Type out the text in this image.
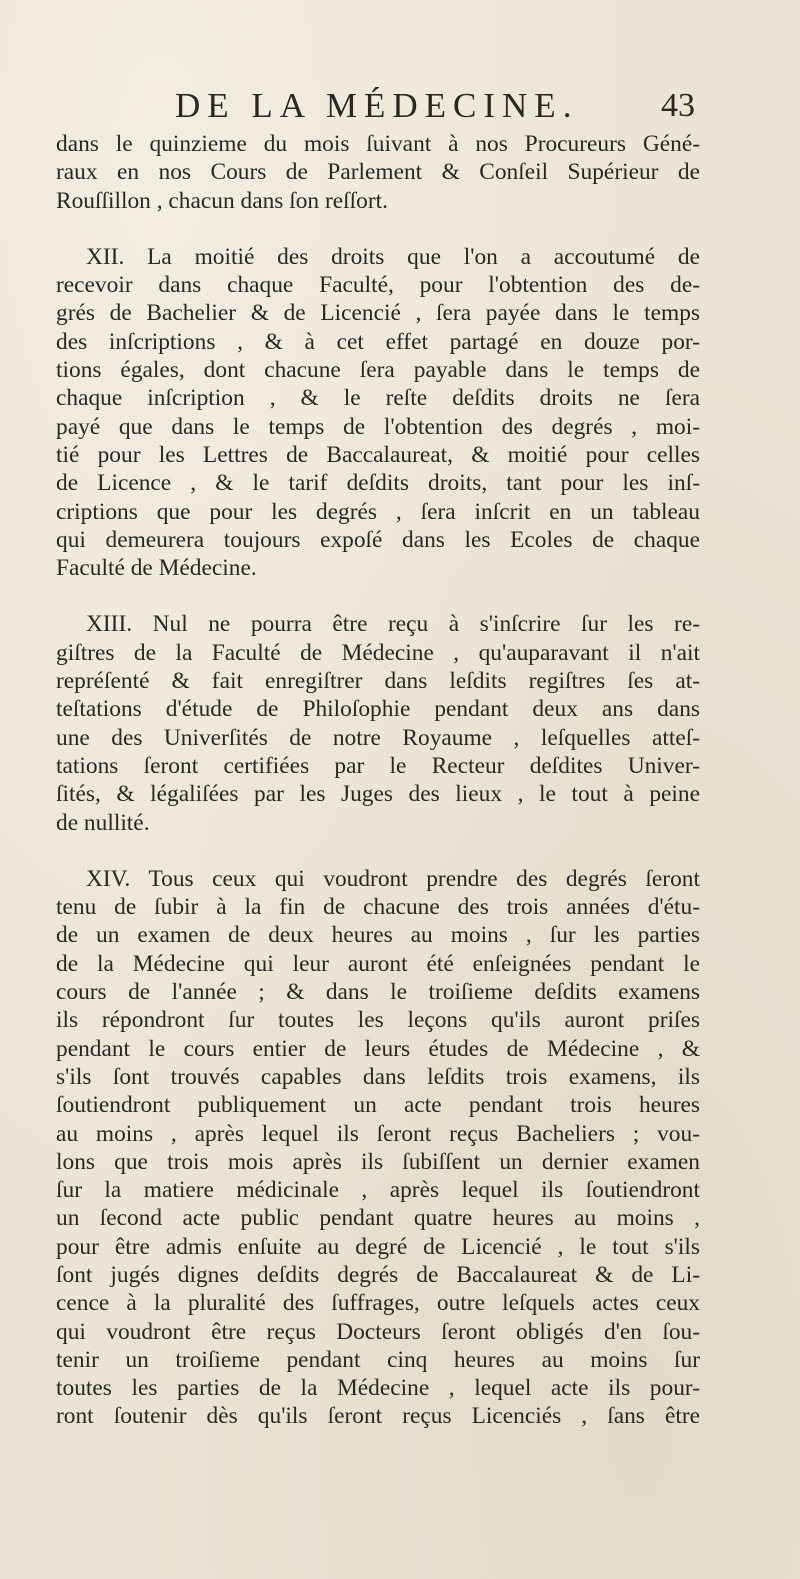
DE LA MÉDECINE. 43

dans le quinzieme du mois ſuivant à nos Procureurs Géné-
raux en nos Cours de Parlement & Conſeil Supérieur de
Rouſſillon , chacun dans ſon reſſort.

XII. La moitié des droits que l'on a accoutumé de
recevoir dans chaque Faculté, pour l'obtention des de-
grés de Bachelier & de Licencié , ſera payée dans le temps
des inſcriptions , & à cet effet partagé en douze por-
tions égales, dont chacune ſera payable dans le temps de
chaque inſcription , & le reſte deſdits droits ne ſera
payé que dans le temps de l'obtention des degrés , moi-
tié pour les Lettres de Baccalaureat, & moitié pour celles
de Licence , & le tarif deſdits droits, tant pour les inſ-
criptions que pour les degrés , ſera inſcrit en un tableau
qui demeurera toujours expoſé dans les Ecoles de chaque
Faculté de Médecine.

XIII. Nul ne pourra être reçu à s'inſcrire ſur les re-
giſtres de la Faculté de Médecine , qu'auparavant il n'ait
repréſenté & fait enregiſtrer dans leſdits regiſtres ſes at-
teſtations d'étude de Philoſophie pendant deux ans dans
une des Univerſités de notre Royaume , leſquelles atteſ-
tations ſeront certifiées par le Recteur deſdites Univer-
ſités, & légaliſées par les Juges des lieux , le tout à peine
de nullité.

XIV. Tous ceux qui voudront prendre des degrés ſeront
tenu de ſubir à la fin de chacune des trois années d'étu-
de un examen de deux heures au moins , ſur les parties
de la Médecine qui leur auront été enſeignées pendant le
cours de l'année ; & dans le troiſieme deſdits examens
ils répondront ſur toutes les leçons qu'ils auront priſes
pendant le cours entier de leurs études de Médecine , &
s'ils ſont trouvés capables dans leſdits trois examens, ils
ſoutiendront publiquement un acte pendant trois heures
au moins , après lequel ils ſeront reçus Bacheliers ; vou-
lons que trois mois après ils ſubiſſent un dernier examen
ſur la matiere médicinale , après lequel ils ſoutiendront
un ſecond acte public pendant quatre heures au moins ,
pour être admis enſuite au degré de Licencié , le tout s'ils
ſont jugés dignes deſdits degrés de Baccalaureat & de Li-
cence à la pluralité des ſuffrages, outre leſquels actes ceux
qui voudront être reçus Docteurs ſeront obligés d'en ſou-
tenir un troiſieme pendant cinq heures au moins ſur
toutes les parties de la Médecine , lequel acte ils pour-
ront ſoutenir dès qu'ils ſeront reçus Licenciés , ſans être
